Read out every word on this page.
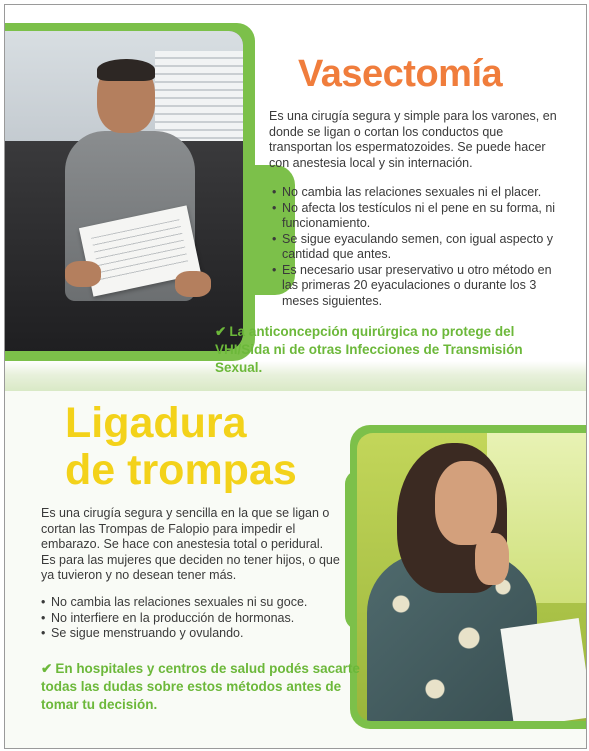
Vasectomía

Es una cirugía segura y simple para los varones, en donde se ligan o cortan los conductos que transportan los espermatozoides. Se puede hacer con anestesia local y sin internación.

• No cambia las relaciones sexuales ni el placer.
• No afecta los testículos ni el pene en su forma, ni funcionamiento.
• Se sigue eyaculando semen, con igual aspecto y cantidad que antes.
• Es necesario usar preservativo u otro método en las primeras 20 eyaculaciones o durante los 3 meses siguientes.

✔ La anticoncepción quirúrgica no protege del VHI/Sida ni de otras Infecciones de Transmisión Sexual.

Ligadura
de trompas

Es una cirugía segura y sencilla en la que se ligan o cortan las Trompas de Falopio para impedir el embarazo. Se hace con anestesia total o peridural. Es para las mujeres que deciden no tener hijos, o que ya tuvieron y no desean tener más.

• No cambia las relaciones sexuales ni su goce.
• No interfiere en la producción de hormonas.
• Se sigue menstruando y ovulando.

✔ En hospitales y centros de salud podés sacarte todas las dudas sobre estos métodos antes de tomar tu decisión.
